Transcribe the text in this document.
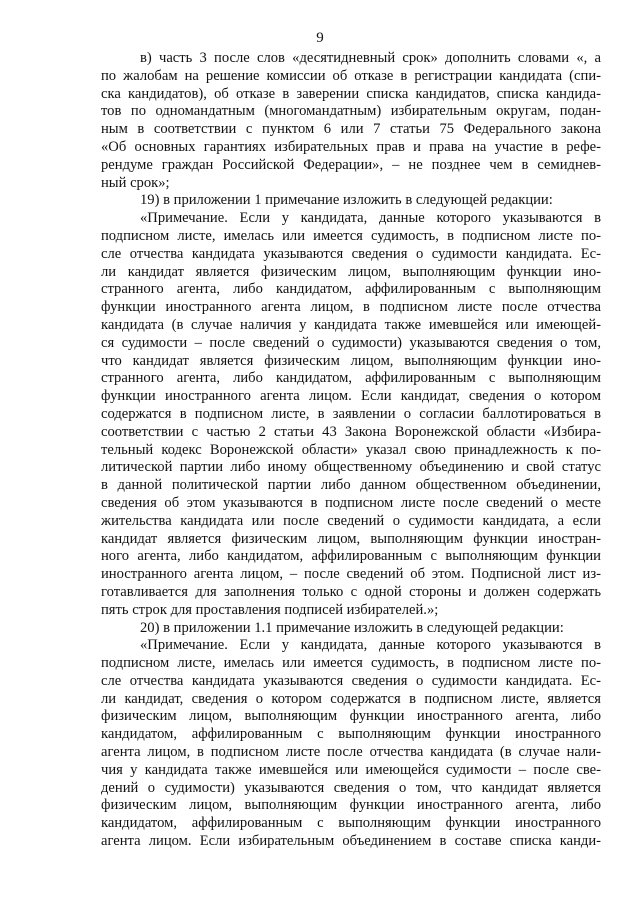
9
в) часть 3 после слов «десятидневный срок» дополнить словами «, а
по жалобам на решение комиссии об отказе в регистрации кандидата (спи-
ска кандидатов), об отказе в заверении списка кандидатов, списка кандида-
тов по одномандатным (многомандатным) избирательным округам, подан-
ным в соответствии с пунктом 6 или 7 статьи 75 Федерального закона
«Об основных гарантиях избирательных прав и права на участие в рефе-
рендуме граждан Российской Федерации», – не позднее чем в семиднев-
ный срок»;
19) в приложении 1 примечание изложить в следующей редакции:
«Примечание. Если у кандидата, данные которого указываются в
подписном листе, имелась или имеется судимость, в подписном листе по-
сле отчества кандидата указываются сведения о судимости кандидата. Ес-
ли кандидат является физическим лицом, выполняющим функции ино-
странного агента, либо кандидатом, аффилированным с выполняющим
функции иностранного агента лицом, в подписном листе после отчества
кандидата (в случае наличия у кандидата также имевшейся или имеющей-
ся судимости – после сведений о судимости) указываются сведения о том,
что кандидат является физическим лицом, выполняющим функции ино-
странного агента, либо кандидатом, аффилированным с выполняющим
функции иностранного агента лицом. Если кандидат, сведения о котором
содержатся в подписном листе, в заявлении о согласии баллотироваться в
соответствии с частью 2 статьи 43 Закона Воронежской области «Избира-
тельный кодекс Воронежской области» указал свою принадлежность к по-
литической партии либо иному общественному объединению и свой статус
в данной политической партии либо данном общественном объединении,
сведения об этом указываются в подписном листе после сведений о месте
жительства кандидата или после сведений о судимости кандидата, а если
кандидат является физическим лицом, выполняющим функции иностран-
ного агента, либо кандидатом, аффилированным с выполняющим функции
иностранного агента лицом, – после сведений об этом. Подписной лист из-
готавливается для заполнения только с одной стороны и должен содержать
пять строк для проставления подписей избирателей.»;
20) в приложении 1.1 примечание изложить в следующей редакции:
«Примечание. Если у кандидата, данные которого указываются в
подписном листе, имелась или имеется судимость, в подписном листе по-
сле отчества кандидата указываются сведения о судимости кандидата. Ес-
ли кандидат, сведения о котором содержатся в подписном листе, является
физическим лицом, выполняющим функции иностранного агента, либо
кандидатом, аффилированным с выполняющим функции иностранного
агента лицом, в подписном листе после отчества кандидата (в случае нали-
чия у кандидата также имевшейся или имеющейся судимости – после све-
дений о судимости) указываются сведения о том, что кандидат является
физическим лицом, выполняющим функции иностранного агента, либо
кандидатом, аффилированным с выполняющим функции иностранного
агента лицом. Если избирательным объединением в составе списка канди-
